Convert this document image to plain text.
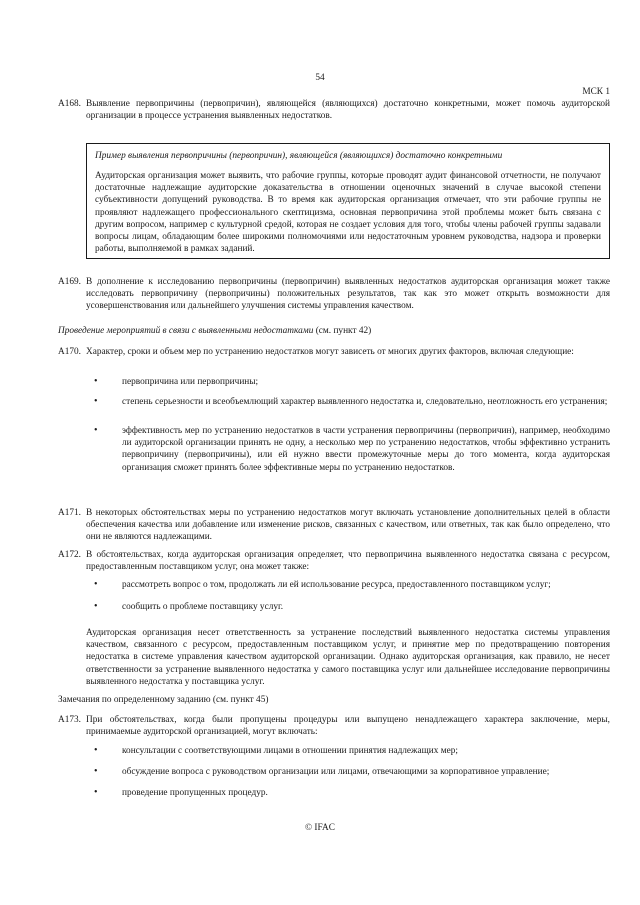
54
МСК 1
A168. Выявление первопричины (первопричин), являющейся (являющихся) достаточно конкретными, может помочь аудиторской организации в процессе устранения выявленных недостатков.
Пример выявления первопричины (первопричин), являющейся (являющихся) достаточно конкретными
Аудиторская организация может выявить, что рабочие группы, которые проводят аудит финансовой отчетности, не получают достаточные надлежащие аудиторские доказательства в отношении оценочных значений в случае высокой степени субъективности допущений руководства. В то время как аудиторская организация отмечает, что эти рабочие группы не проявляют надлежащего профессионального скептицизма, основная первопричина этой проблемы может быть связана с другим вопросом, например с культурной средой, которая не создает условия для того, чтобы члены рабочей группы задавали вопросы лицам, обладающим более широкими полномочиями или недостаточным уровнем руководства, надзора и проверки работы, выполняемой в рамках заданий.
A169. В дополнение к исследованию первопричины (первопричин) выявленных недостатков аудиторская организация может также исследовать первопричину (первопричины) положительных результатов, так как это может открыть возможности для усовершенствования или дальнейшего улучшения системы управления качеством.
Проведение мероприятий в связи с выявленными недостатками (см. пункт 42)
A170. Характер, сроки и объем мер по устранению недостатков могут зависеть от многих других факторов, включая следующие:
•	первопричина или первопричины;
•	степень серьезности и всеобъемлющий характер выявленного недостатка и, следовательно, неотложность его устранения;
•	эффективность мер по устранению недостатков в части устранения первопричины (первопричин), например, необходимо ли аудиторской организации принять не одну, а несколько мер по устранению недостатков, чтобы эффективно устранить первопричину (первопричины), или ей нужно ввести промежуточные меры до того момента, когда аудиторская организация сможет принять более эффективные меры по устранению недостатков.
A171. В некоторых обстоятельствах меры по устранению недостатков могут включать установление дополнительных целей в области обеспечения качества или добавление или изменение рисков, связанных с качеством, или ответных, так как было определено, что они не являются надлежащими.
A172. В обстоятельствах, когда аудиторская организация определяет, что первопричина выявленного недостатка связана с ресурсом, предоставленным поставщиком услуг, она может также:
•	рассмотреть вопрос о том, продолжать ли ей использование ресурса, предоставленного поставщиком услуг;
•	сообщить о проблеме поставщику услуг.
Аудиторская организация несет ответственность за устранение последствий выявленного недостатка системы управления качеством, связанного с ресурсом, предоставленным поставщиком услуг, и принятие мер по предотвращению повторения недостатка в системе управления качеством аудиторской организации. Однако аудиторская организация, как правило, не несет ответственности за устранение выявленного недостатка у самого поставщика услуг или дальнейшее исследование первопричины выявленного недостатка у поставщика услуг.
Замечания по определенному заданию (см. пункт 45)
A173. При обстоятельствах, когда были пропущены процедуры или выпущено ненадлежащего характера заключение, меры, принимаемые аудиторской организацией, могут включать:
•	консультации с соответствующими лицами в отношении принятия надлежащих мер;
•	обсуждение вопроса с руководством организации или лицами, отвечающими за корпоративное управление;
•	проведение пропущенных процедур.
© IFAC
